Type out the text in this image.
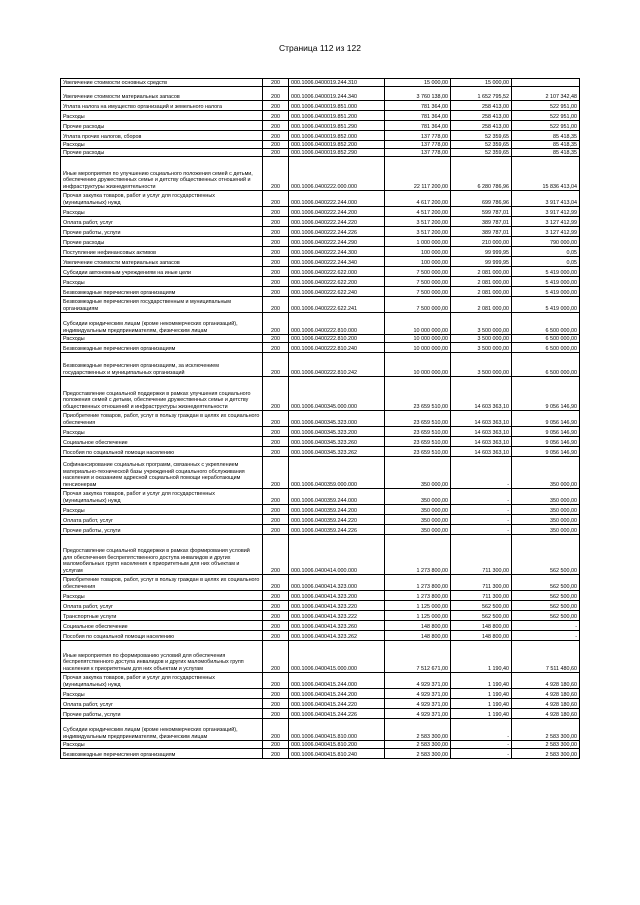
Страница 112 из 122
Увеличение стоимости основных средств	200	000.1006.0400019.244.310	15 000,00	15 000,00	
Увеличение стоимости материальных запасов	200	000.1006.0400019.244.340	3 760 138,00	1 652 795,52	2 107 342,48
Уплата налога на имущество организаций и земельного налога	200	000.1006.0400019.851.000	781 364,00	258 413,00	522 951,00
Расходы	200	000.1006.0400019.851.200	781 364,00	258 413,00	522 951,00
Прочие расходы	200	000.1006.0400019.851.290	781 364,00	258 413,00	522 951,00
Уплата прочих налогов, сборов	200	000.1006.0400019.852.000	137 778,00	52 359,65	85 418,35
Расходы	200	000.1006.0400019.852.200	137 778,00	52 359,65	85 418,35
Прочие расходы	200	000.1006.0400019.852.290	137 778,00	52 359,65	85 418,35
Иные мероприятия по улучшению социального положения семей с детьми, обеспечению дружественных семье и детству общественных отношений и инфраструктуры жизнедеятельности	200	000.1006.0400222.000.000	22 117 200,00	6 280 786,96	15 836 413,04
Прочая закупка товаров, работ и услуг для государственных (муниципальных) нужд	200	000.1006.0400222.244.000	4 617 200,00	699 786,96	3 917 413,04
Расходы	200	000.1006.0400222.244.200	4 517 200,00	599 787,01	3 917 412,99
Оплата работ, услуг	200	000.1006.0400222.244.220	3 517 200,00	389 787,01	3 127 412,99
Прочие работы, услуги	200	000.1006.0400222.244.226	3 517 200,00	389 787,01	3 127 412,99
Прочие расходы	200	000.1006.0400222.244.290	1 000 000,00	210 000,00	790 000,00
Поступление нефинансовых активов	200	000.1006.0400222.244.300	100 000,00	99 999,95	0,05
Увеличение стоимости материальных запасов	200	000.1006.0400222.244.340	100 000,00	99 999,95	0,05
Субсидии автономным учреждениям на иные цели	200	000.1006.0400222.622.000	7 500 000,00	2 081 000,00	5 419 000,00
Расходы	200	000.1006.0400222.622.200	7 500 000,00	2 081 000,00	5 419 000,00
Безвозмездные перечисления организациям	200	000.1006.0400222.622.240	7 500 000,00	2 081 000,00	5 419 000,00
Безвозмездные перечисления государственным и муниципальным организациям	200	000.1006.0400222.622.241	7 500 000,00	2 081 000,00	5 419 000,00
Субсидии юридическим лицам (кроме некоммерческих организаций), индивидуальным предпринимателям, физическим лицам	200	000.1006.0400222.810.000	10 000 000,00	3 500 000,00	6 500 000,00
Расходы	200	000.1006.0400222.810.200	10 000 000,00	3 500 000,00	6 500 000,00
Безвозмездные перечисления организациям	200	000.1006.0400222.810.240	10 000 000,00	3 500 000,00	6 500 000,00
Безвозмездные перечисления организациям, за исключением государственных и муниципальных организаций	200	000.1006.0400222.810.242	10 000 000,00	3 500 000,00	6 500 000,00
Предоставление социальной поддержки в рамках улучшения социального положения семей с детьми, обеспечение дружественных семье и детству общественных отношений и инфраструктуры жизнедеятельности	200	000.1006.0400345.000.000	23 659 510,00	14 603 363,10	9 056 146,90
Приобретение товаров, работ, услуг в пользу граждан в целях их социального обеспечения	200	000.1006.0400345.323.000	23 659 510,00	14 603 363,10	9 056 146,90
Расходы	200	000.1006.0400345.323.200	23 659 510,00	14 603 363,10	9 056 146,90
Социальное обеспечение	200	000.1006.0400345.323.260	23 659 510,00	14 603 363,10	9 056 146,90
Пособия по социальной помощи населению	200	000.1006.0400345.323.262	23 659 510,00	14 603 363,10	9 056 146,90
Софинансирование социальных программ, связанных с укреплением материально-технической базы учреждений социального обслуживания населения и оказанием адресной социальной помощи неработающим пенсионерам	200	000.1006.0400359.000.000	350 000,00	-	350 000,00
Прочая закупка товаров, работ и услуг для государственных (муниципальных) нужд	200	000.1006.0400359.244.000	350 000,00	-	350 000,00
Расходы	200	000.1006.0400359.244.200	350 000,00	-	350 000,00
Оплата работ, услуг	200	000.1006.0400359.244.220	350 000,00	-	350 000,00
Прочие работы, услуги	200	000.1006.0400359.244.226	350 000,00	-	350 000,00
Предоставление социальной поддержки в рамках формирования условий для обеспечения беспрепятственного доступа инвалидов и других маломобильных групп населения к приоритетным для них объектам и услугам	200	000.1006.0400414.000.000	1 273 800,00	711 300,00	562 500,00
Приобретение товаров, работ, услуг в пользу граждан в целях их социального обеспечения	200	000.1006.0400414.323.000	1 273 800,00	711 300,00	562 500,00
Расходы	200	000.1006.0400414.323.200	1 273 800,00	711 300,00	562 500,00
Оплата работ, услуг	200	000.1006.0400414.323.220	1 125 000,00	562 500,00	562 500,00
Транспортные услуги	200	000.1006.0400414.323.222	1 125 000,00	562 500,00	562 500,00
Социальное обеспечение	200	000.1006.0400414.323.260	148 800,00	148 800,00	-
Пособия по социальной помощи населению	200	000.1006.0400414.323.262	148 800,00	148 800,00	-
Иные мероприятия по формированию условий для обеспечения беспрепятственного доступа инвалидов и других маломобильных групп населения к приоритетным для них объектам и услугам	200	000.1006.0400415.000.000	7 512 671,00	1 190,40	7 511 480,60
Прочая закупка товаров, работ и услуг для государственных (муниципальных) нужд	200	000.1006.0400415.244.000	4 929 371,00	1 190,40	4 928 180,60
Расходы	200	000.1006.0400415.244.200	4 929 371,00	1 190,40	4 928 180,60
Оплата работ, услуг	200	000.1006.0400415.244.220	4 929 371,00	1 190,40	4 928 180,60
Прочие работы, услуги	200	000.1006.0400415.244.226	4 929 371,00	1 190,40	4 928 180,60
Субсидии юридическим лицам (кроме некоммерческих организаций), индивидуальным предпринимателям, физическим лицам	200	000.1006.0400415.810.000	2 583 300,00	-	2 583 300,00
Расходы	200	000.1006.0400415.810.200	2 583 300,00	-	2 583 300,00
Безвозмездные перечисления организациям	200	000.1006.0400415.810.240	2 583 300,00	-	2 583 300,00
